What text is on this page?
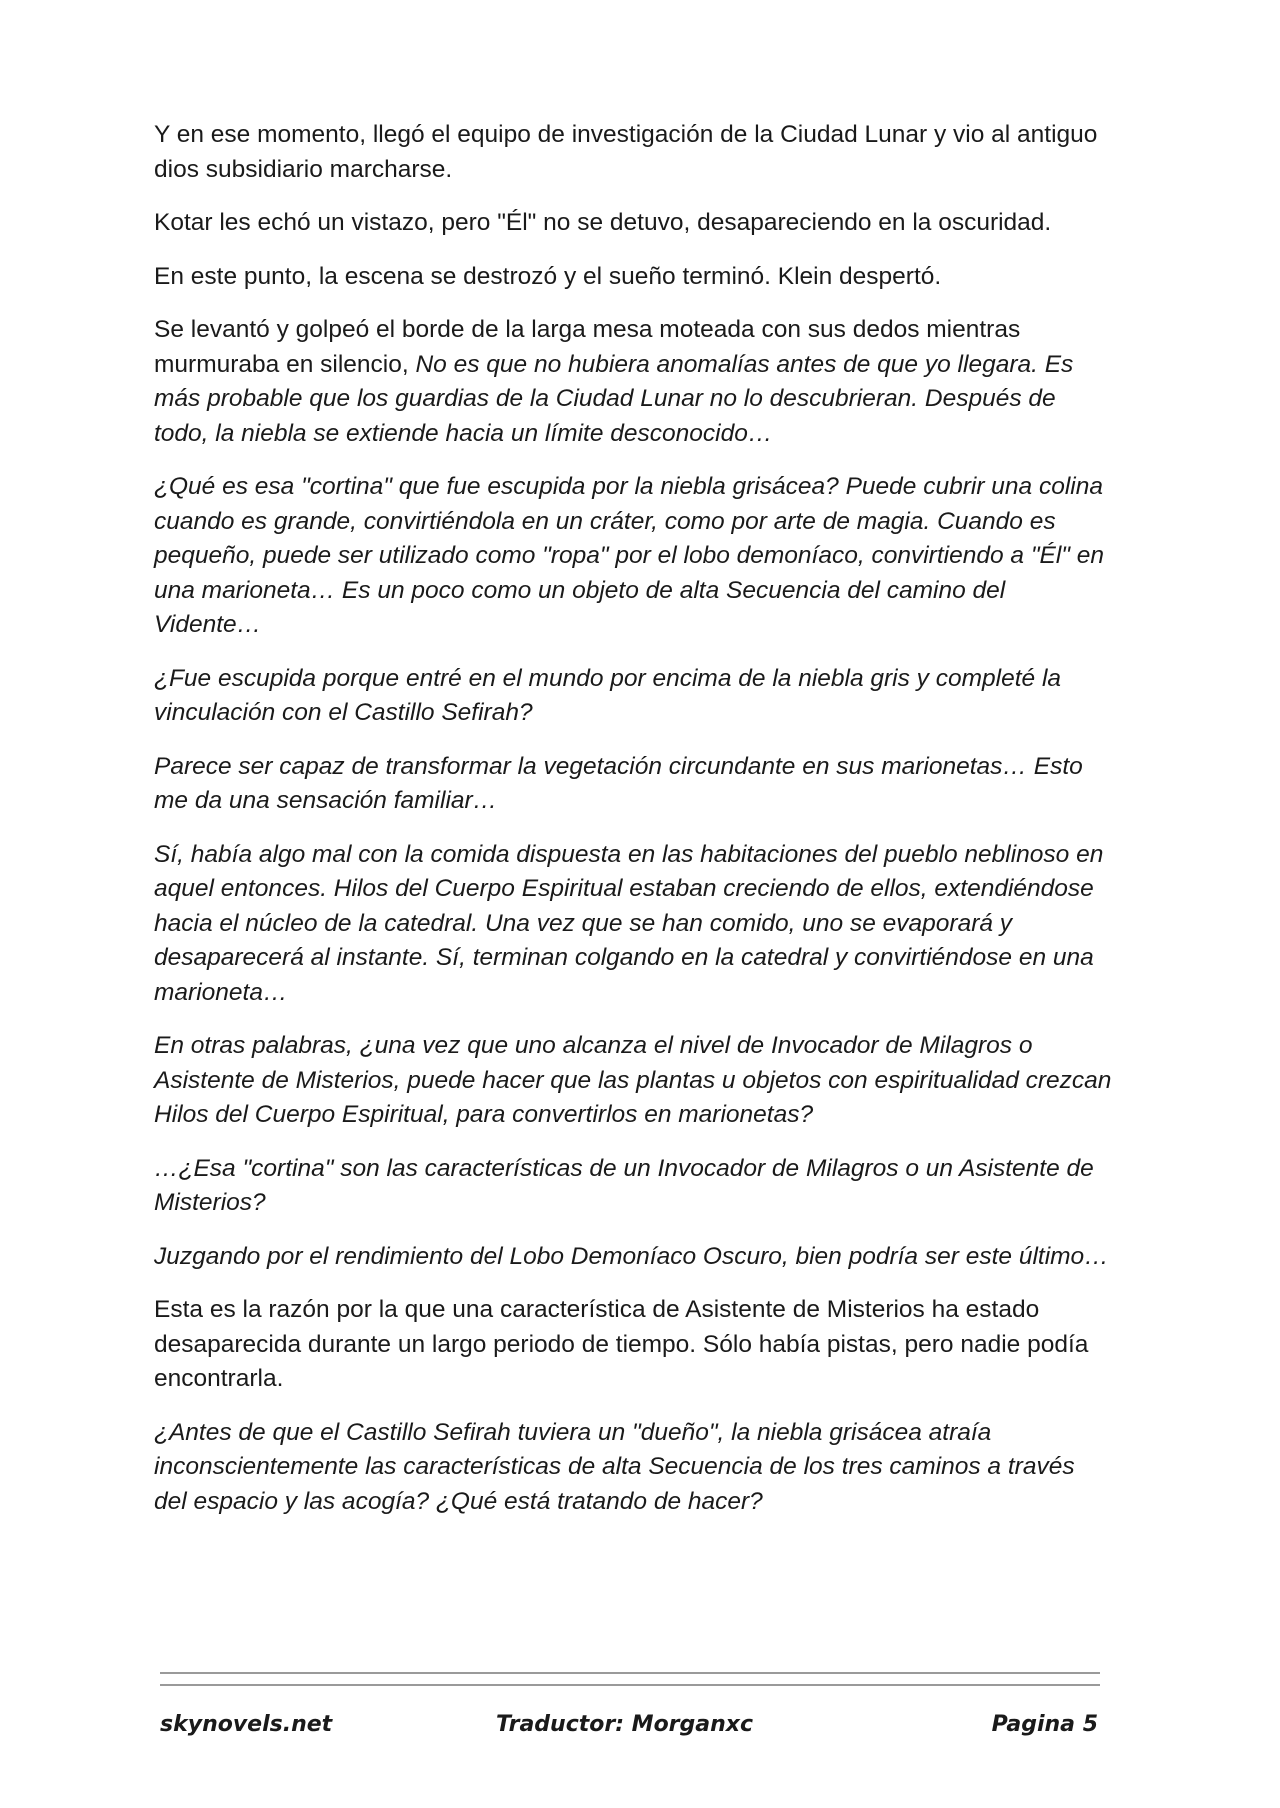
Y en ese momento, llegó el equipo de investigación de la Ciudad Lunar y vio al antiguo dios subsidiario marcharse.

Kotar les echó un vistazo, pero "Él" no se detuvo, desapareciendo en la oscuridad.

En este punto, la escena se destrozó y el sueño terminó. Klein despertó.

Se levantó y golpeó el borde de la larga mesa moteada con sus dedos mientras murmuraba en silencio, No es que no hubiera anomalías antes de que yo llegara. Es más probable que los guardias de la Ciudad Lunar no lo descubrieran. Después de todo, la niebla se extiende hacia un límite desconocido…

¿Qué es esa "cortina" que fue escupida por la niebla grisácea? Puede cubrir una colina cuando es grande, convirtiéndola en un cráter, como por arte de magia. Cuando es pequeño, puede ser utilizado como "ropa" por el lobo demoníaco, convirtiendo a "Él" en una marioneta… Es un poco como un objeto de alta Secuencia del camino del Vidente…

¿Fue escupida porque entré en el mundo por encima de la niebla gris y completé la vinculación con el Castillo Sefirah?

Parece ser capaz de transformar la vegetación circundante en sus marionetas… Esto me da una sensación familiar…

Sí, había algo mal con la comida dispuesta en las habitaciones del pueblo neblinoso en aquel entonces. Hilos del Cuerpo Espiritual estaban creciendo de ellos, extendiéndose hacia el núcleo de la catedral. Una vez que se han comido, uno se evaporará y desaparecerá al instante. Sí, terminan colgando en la catedral y convirtiéndose en una marioneta…

En otras palabras, ¿una vez que uno alcanza el nivel de Invocador de Milagros o Asistente de Misterios, puede hacer que las plantas u objetos con espiritualidad crezcan Hilos del Cuerpo Espiritual, para convertirlos en marionetas?

…¿Esa "cortina" son las características de un Invocador de Milagros o un Asistente de Misterios?

Juzgando por el rendimiento del Lobo Demoníaco Oscuro, bien podría ser este último…

Esta es la razón por la que una característica de Asistente de Misterios ha estado desaparecida durante un largo periodo de tiempo. Sólo había pistas, pero nadie podía encontrarla.

¿Antes de que el Castillo Sefirah tuviera un "dueño", la niebla grisácea atraía inconscientemente las características de alta Secuencia de los tres caminos a través del espacio y las acogía? ¿Qué está tratando de hacer?

skynovels.net	Traductor: Morganxc	Pagina 5
